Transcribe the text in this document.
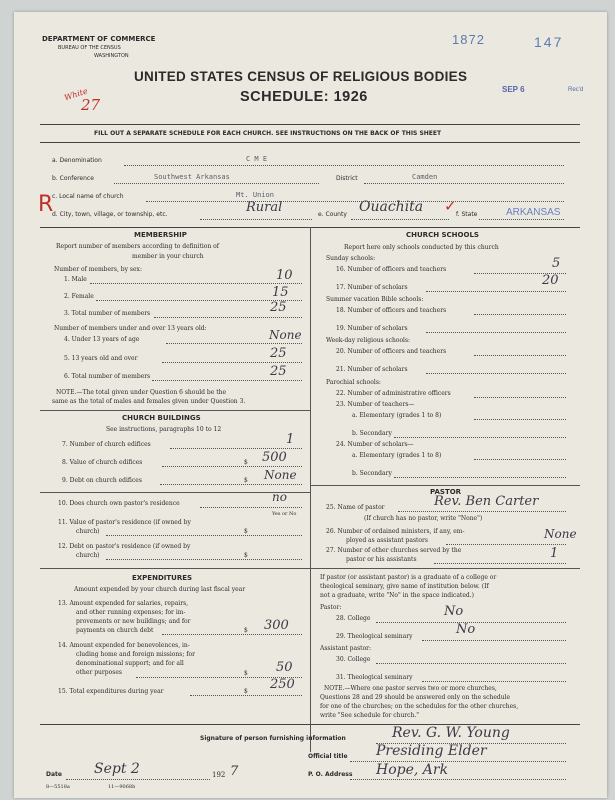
DEPARTMENT OF COMMERCE
BUREAU OF THE CENSUS
WASHINGTON
1872	147
UNITED STATES CENSUS OF RELIGIOUS BODIES
SCHEDULE: 1926	SEP 6	Rec'd
White
27
FILL OUT A SEPARATE SCHEDULE FOR EACH CHURCH. SEE INSTRUCTIONS ON THE BACK OF THIS SHEET
a. Denomination	C M E
b. Conference	Southwest Arkansas	District	Camden
R
c. Local name of church	Mt. Union
d. City, town, village, or township, etc.	Rural	e. County Ouachita ✓ f. State	ARKANSAS
MEMBERSHIP
Report number of members according to definition of
member in your church
Number of members, by sex:
1. Male	10
2. Female	15
3. Total number of members	25
Number of members under and over 13 years old:
4. Under 13 years of age	None
5. 13 years old and over	25
6. Total number of members	25
NOTE.—The total given under Question 6 should be the
same as the total of males and females given under Question 3.
CHURCH BUILDINGS
See instructions, paragraphs 10 to 12
7. Number of church edifices	1
8. Value of church edifices	$ 500
9. Debt on church edifices	$ None
10. Does church own pastor's residence	no
Yes or No
11. Value of pastor's residence (if owned by
church)	$
12. Debt on pastor's residence (if owned by
church)	$
EXPENDITURES
Amount expended by your church during last fiscal year
13. Amount expended for salaries, repairs,
and other running expenses; for im-
provements or new buildings; and for
payments on church debt	$ 300
14. Amount expended for benevolences, in-
cluding home and foreign missions; for
denominational support; and for all
other purposes	$ 50
15. Total expenditures during year	$ 250
CHURCH SCHOOLS
Report here only schools conducted by this church
Sunday schools:
16. Number of officers and teachers	5
17. Number of scholars	20
Summer vacation Bible schools:
18. Number of officers and teachers
19. Number of scholars
Week-day religious schools:
20. Number of officers and teachers
21. Number of scholars
Parochial schools:
22. Number of administrative officers
23. Number of teachers—
a. Elementary (grades 1 to 8)
b. Secondary
24. Number of scholars—
a. Elementary (grades 1 to 8)
b. Secondary
PASTOR
25. Name of pastor	Rev. Ben Carter
(If church has no pastor, write "None")
26. Number of ordained ministers, if any, em-
ployed as assistant pastors	None
27. Number of other churches served by the
pastor or his assistants	1
If pastor (or assistant pastor) is a graduate of a college or
theological seminary, give name of institution below. (If
not a graduate, write "No" in the space indicated.)
Pastor:
28. College	No
29. Theological seminary	No
Assistant pastor:
30. College
31. Theological seminary
NOTE.—Where one pastor serves two or more churches,
Questions 28 and 29 should be answered only on the schedule
for one of the churches; on the schedules for the other churches,
write "See schedule for church."
Signature of person furnishing information	Rev. G. W. Young
Official title Presiding Elder
Date Sept 2	192 7	P. O. Address Hope, Ark
8—5518a	11—9068b
